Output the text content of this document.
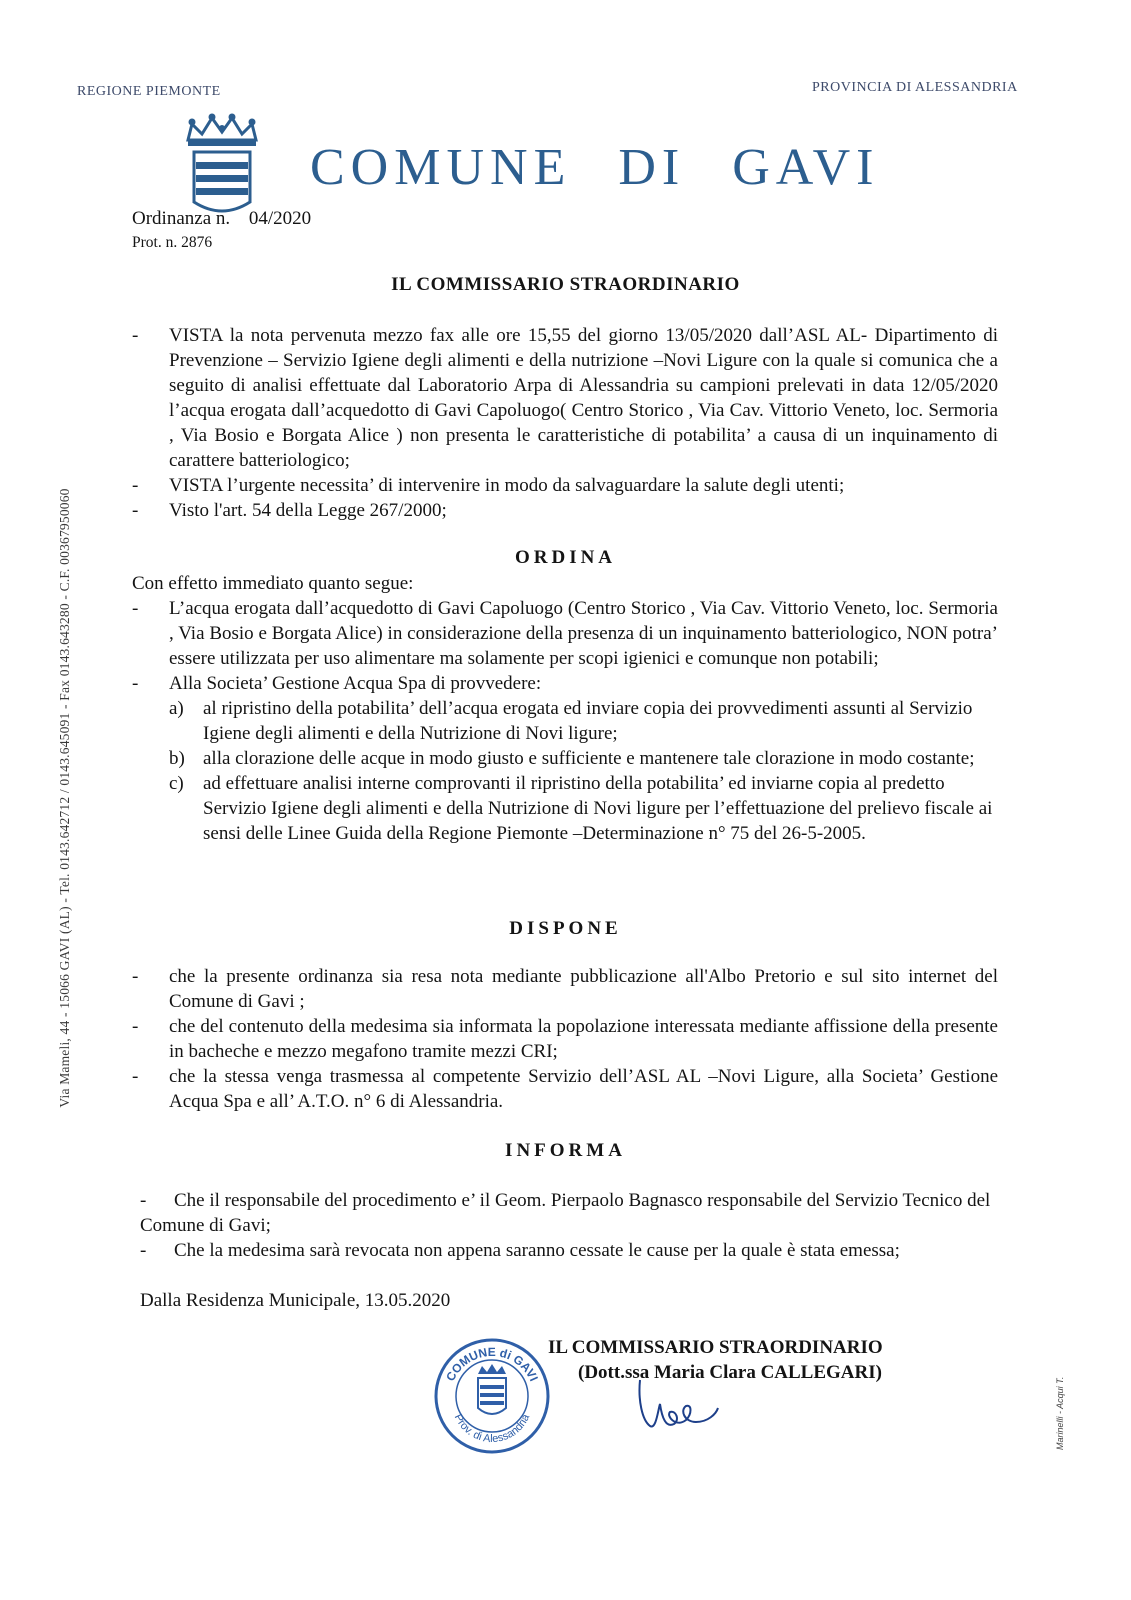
REGIONE PIEMONTE	PROVINCIA DI ALESSANDRIA
COMUNE DI GAVI
Ordinanza n. 04/2020
Prot. n. 2876
IL COMMISSARIO STRAORDINARIO
- VISTA la nota pervenuta mezzo fax alle ore 15,55 del giorno 13/05/2020 dall’ASL AL- Dipartimento di Prevenzione – Servizio Igiene degli alimenti e della nutrizione –Novi Ligure con la quale si comunica che a seguito di analisi effettuate dal Laboratorio Arpa di Alessandria su campioni prelevati in data 12/05/2020 l’acqua erogata dall’acquedotto di Gavi Capoluogo( Centro Storico , Via Cav. Vittorio Veneto, loc. Sermoria , Via Bosio e Borgata Alice ) non presenta le caratteristiche di potabilita’ a causa di un inquinamento di carattere batteriologico;
- VISTA l’urgente necessita’ di intervenire in modo da salvaguardare la salute degli utenti;
- Visto l'art. 54 della Legge 267/2000;
ORDINA
Con effetto immediato quanto segue:
- L’acqua erogata dall’acquedotto di Gavi Capoluogo (Centro Storico , Via Cav. Vittorio Veneto, loc. Sermoria , Via Bosio e Borgata Alice) in considerazione della presenza di un inquinamento batteriologico, NON potra’ essere utilizzata per uso alimentare ma solamente per scopi igienici e comunque non potabili;
- Alla Societa’ Gestione Acqua Spa di provvedere:
a) al ripristino della potabilita’ dell’acqua erogata ed inviare copia dei provvedimenti assunti al Servizio Igiene degli alimenti e della Nutrizione di Novi ligure;
b) alla clorazione delle acque in modo giusto e sufficiente e mantenere tale clorazione in modo costante;
c) ad effettuare analisi interne comprovanti il ripristino della potabilita’ ed inviarne copia al predetto Servizio Igiene degli alimenti e della Nutrizione di Novi ligure per l’effettuazione del prelievo fiscale ai sensi delle Linee Guida della Regione Piemonte –Determinazione n° 75 del 26-5-2005.
DISPONE
- che la presente ordinanza sia resa nota mediante pubblicazione all'Albo Pretorio e sul sito internet del Comune di Gavi ;
- che del contenuto della medesima sia informata la popolazione interessata mediante affissione della presente in bacheche e mezzo megafono tramite mezzi CRI;
- che la stessa venga trasmessa al competente Servizio dell’ASL AL –Novi Ligure, alla Societa’ Gestione Acqua Spa e all’ A.T.O. n° 6 di Alessandria.
INFORMA
- Che il responsabile del procedimento e’ il Geom. Pierpaolo Bagnasco responsabile del Servizio Tecnico del Comune di Gavi;
- Che la medesima sarà revocata non appena saranno cessate le cause per la quale è stata emessa;
Dalla Residenza Municipale, 13.05.2020
COMUNE di GAVI
Prov. di Alessandria
IL COMMISSARIO STRAORDINARIO
(Dott.ssa Maria Clara CALLEGARI)
Via Mameli, 44 - 15066 GAVI (AL) - Tel. 0143.642712 / 0143.645091 - Fax 0143.643280 - C.F. 00367950060
Marinelli - Acqui T.
